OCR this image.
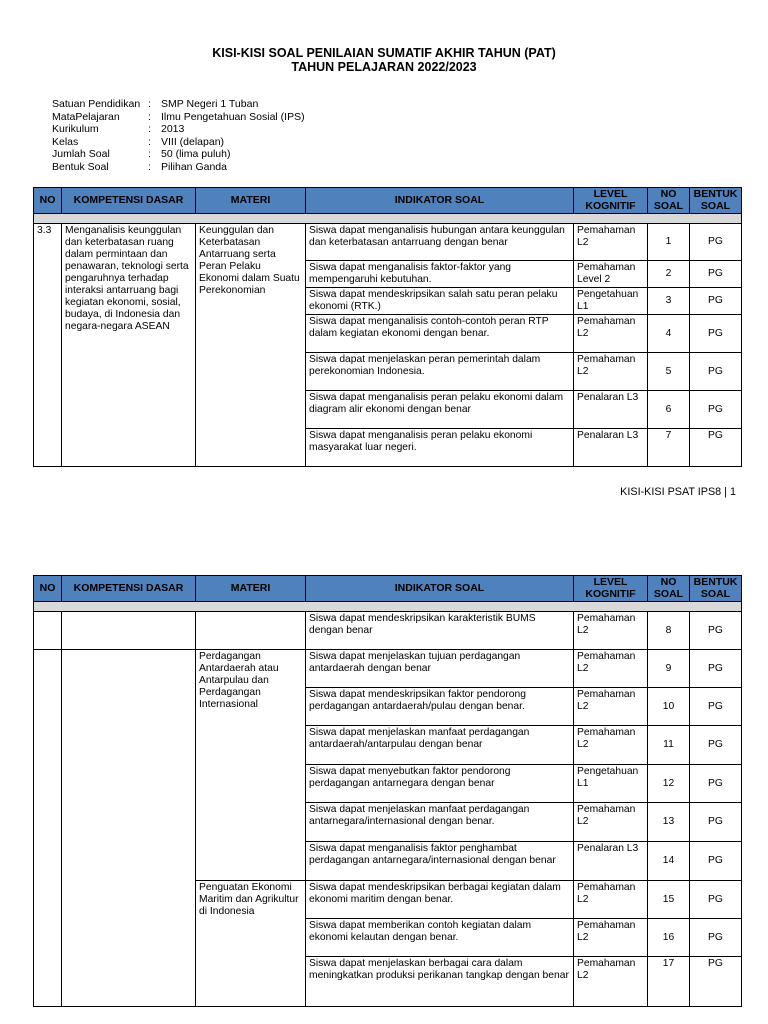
KISI-KISI SOAL PENILAIAN SUMATIF AKHIR TAHUN (PAT)
TAHUN PELAJARAN 2022/2023
Satuan Pendidikan : SMP Negeri 1 Tuban
MataPelajaran	: Ilmu Pengetahuan Sosial (IPS)
Kurikulum	: 2013
Kelas	: VIII (delapan)
Jumlah Soal	: 50 (lima puluh)
Bentuk Soal	: Pilihan Ganda
NO	KOMPETENSI DASAR	MATERI	INDIKATOR SOAL	LEVEL KOGNITIF	NO SOAL	BENTUK SOAL

3.3	Menganalisis keunggulan dan keterbatasan ruang dalam permintaan dan penawaran, teknologi serta pengaruhnya terhadap interaksi antarruang bagi kegiatan ekonomi, sosial, budaya, di Indonesia dan negara-negara ASEAN	Keunggulan dan Keterbatasan Antarruang serta Peran Pelaku Ekonomi dalam Suatu Perekonomian	Siswa dapat menganalisis hubungan antara keunggulan dan keterbatasan antarruang dengan benar	Pemahaman L2	1	PG
			Siswa dapat menganalisis faktor-faktor yang mempengaruhi kebutuhan.	Pemahaman Level 2	2	PG
			Siswa dapat mendeskripsikan salah satu peran pelaku ekonomi (RTK.)	Pengetahuan L1	3	PG
			Siswa dapat menganalisis contoh-contoh peran RTP dalam kegiatan ekonomi dengan benar.	Pemahaman L2	4	PG
			Siswa dapat menjelaskan peran pemerintah dalam perekonomian Indonesia.	Pemahaman L2	5	PG
			Siswa dapat menganalisis peran pelaku ekonomi dalam diagram alir ekonomi dengan benar	Penalaran L3	6	PG
			Siswa dapat menganalisis peran pelaku ekonomi masyarakat luar negeri.	Penalaran L3	7	PG
KISI-KISI PSAT IPS8 | 1
NO	KOMPETENSI DASAR	MATERI	INDIKATOR SOAL	LEVEL KOGNITIF	NO SOAL	BENTUK SOAL

			Siswa dapat mendeskripsikan karakteristik BUMS dengan benar	Pemahaman L2	8	PG
		Perdagangan Antardaerah atau Antarpulau dan Perdagangan Internasional	Siswa dapat menjelaskan tujuan perdagangan antardaerah dengan benar	Pemahaman L2	9	PG
			Siswa dapat mendeskripsikan faktor pendorong perdagangan antardaerah/pulau dengan benar.	Pemahaman L2	10	PG
			Siswa dapat menjelaskan manfaat perdagangan antardaerah/antarpulau dengan benar	Pemahaman L2	11	PG
			Siswa dapat menyebutkan faktor pendorong perdagangan antarnegara dengan benar	Pengetahuan L1	12	PG
			Siswa dapat menjelaskan manfaat perdagangan antarnegara/internasional dengan benar.	Pemahaman L2	13	PG
			Siswa dapat menganalisis faktor penghambat perdagangan antarnegara/internasional dengan benar	Penalaran L3	14	PG
		Penguatan Ekonomi Maritim dan Agrikultur di Indonesia	Siswa dapat mendeskripsikan berbagai kegiatan dalam ekonomi maritim dengan benar.	Pemahaman L2	15	PG
			Siswa dapat memberikan contoh kegiatan dalam ekonomi kelautan dengan benar.	Pemahaman L2	16	PG
			Siswa dapat menjelaskan berbagai cara dalam meningkatkan produksi perikanan tangkap dengan benar	Pemahaman L2	17	PG
